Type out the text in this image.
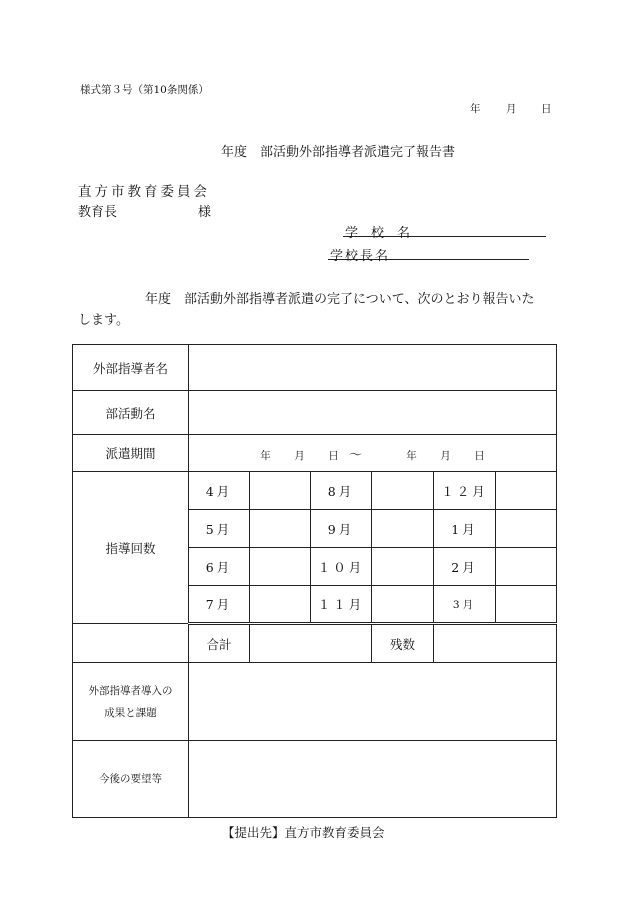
様式第３号（第10条関係）
年 月 日
年度　部活動外部指導者派遣完了報告書
直方市教育委員会
教育長	様
学　校　名
学校長名
年度　部活動外部指導者派遣の完了について、次のとおり報告いた
します。
外部指導者名						
部活動名						
派遣期間	年 月 日 ～ 年 月 日					
指導回数	4月		8月		１２月	
	5月		9月		1月	
	6月		１０月		2月	
	7月		１１月		3月	
	合計			残数		

外部指導者導入の
成果と課題						

今後の要望等						
【提出先】直方市教育委員会
